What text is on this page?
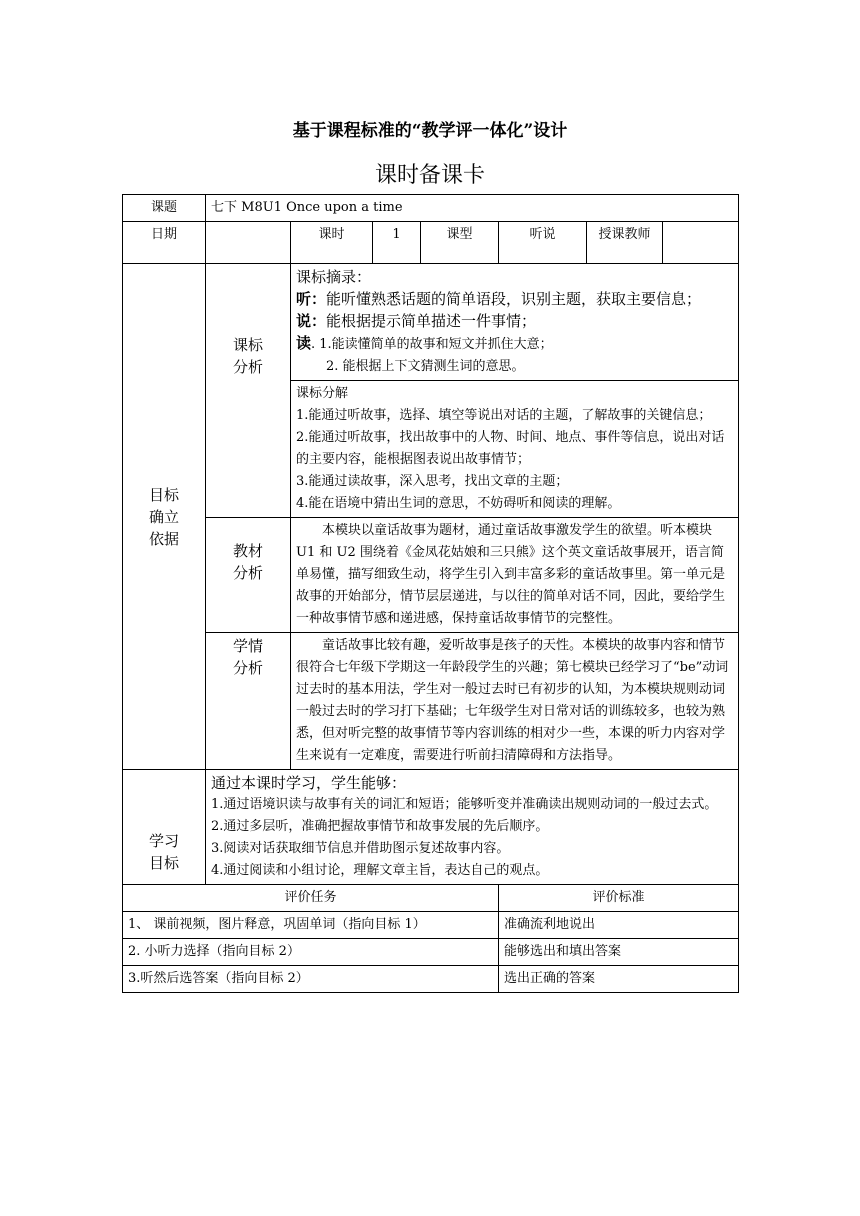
基于课程标准的“教学评一体化”设计
课时备课卡
课题	七下 M8U1 Once upon a time						
日期		课时	1	课型	听说	授课教师	
目标确立依据	课标分析	课标摘录：

听：能听懂熟悉话题的简单语段，识别主题，获取主要信息；

说：能根据提示简单描述一件事情；

读. 1.能读懂简单的故事和短文并抓住大意；

2. 能根据上下文猜测生词的意思。					

		课标分解

1.能通过听故事，选择、填空等说出对话的主题，了解故事的关键信息；

2.能通过听故事，找出故事中的人物、时间、地点、事件等信息，说出对话的主要内容，能根据图表说出故事情节；

3.能通过读故事，深入思考，找出文章的主题；

4.能在语境中猜出生词的意思，不妨碍听和阅读的理解。					

	教材分析	本模块以童话故事为题材，通过童话故事激发学生的欲望。听本模块 U1 和 U2 围绕着《金凤花姑娘和三只熊》这个英文童话故事展开，语言简单易懂，描写细致生动，将学生引入到丰富多彩的童话故事里。第一单元是故事的开始部分，情节层层递进，与以往的简单对话不同，因此，要给学生一种故事情节感和递进感，保持童话故事情节的完整性。					
	学情分析	童话故事比较有趣，爱听故事是孩子的天性。本模块的故事内容和情节很符合七年级下学期这一年龄段学生的兴趣；第七模块已经学习了“be”动词过去时的基本用法，学生对一般过去时已有初步的认知，为本模块规则动词一般过去时的学习打下基础；七年级学生对日常对话的训练较多，也较为熟悉，但对听完整的故事情节等内容训练的相对少一些，本课的听力内容对学生来说有一定难度，需要进行听前扫清障碍和方法指导。					
学习目标	通过本课时学习，学生能够：

1.通过语境识读与故事有关的词汇和短语；能够听变并准确读出规则动词的一般过去式。

2.通过多层听，准确把握故事情节和故事发展的先后顺序。

3.阅读对话获取细节信息并借助图示复述故事内容。

4.通过阅读和小组讨论，理解文章主旨，表达自己的观点。						

评价任务					评价标准		
1、 课前视频，图片释意，巩固单词（指向目标 1）					准确流利地说出		
2. 小听力选择（指向目标 2）					能够选出和填出答案		
3.听然后选答案（指向目标 2）					选出正确的答案		
